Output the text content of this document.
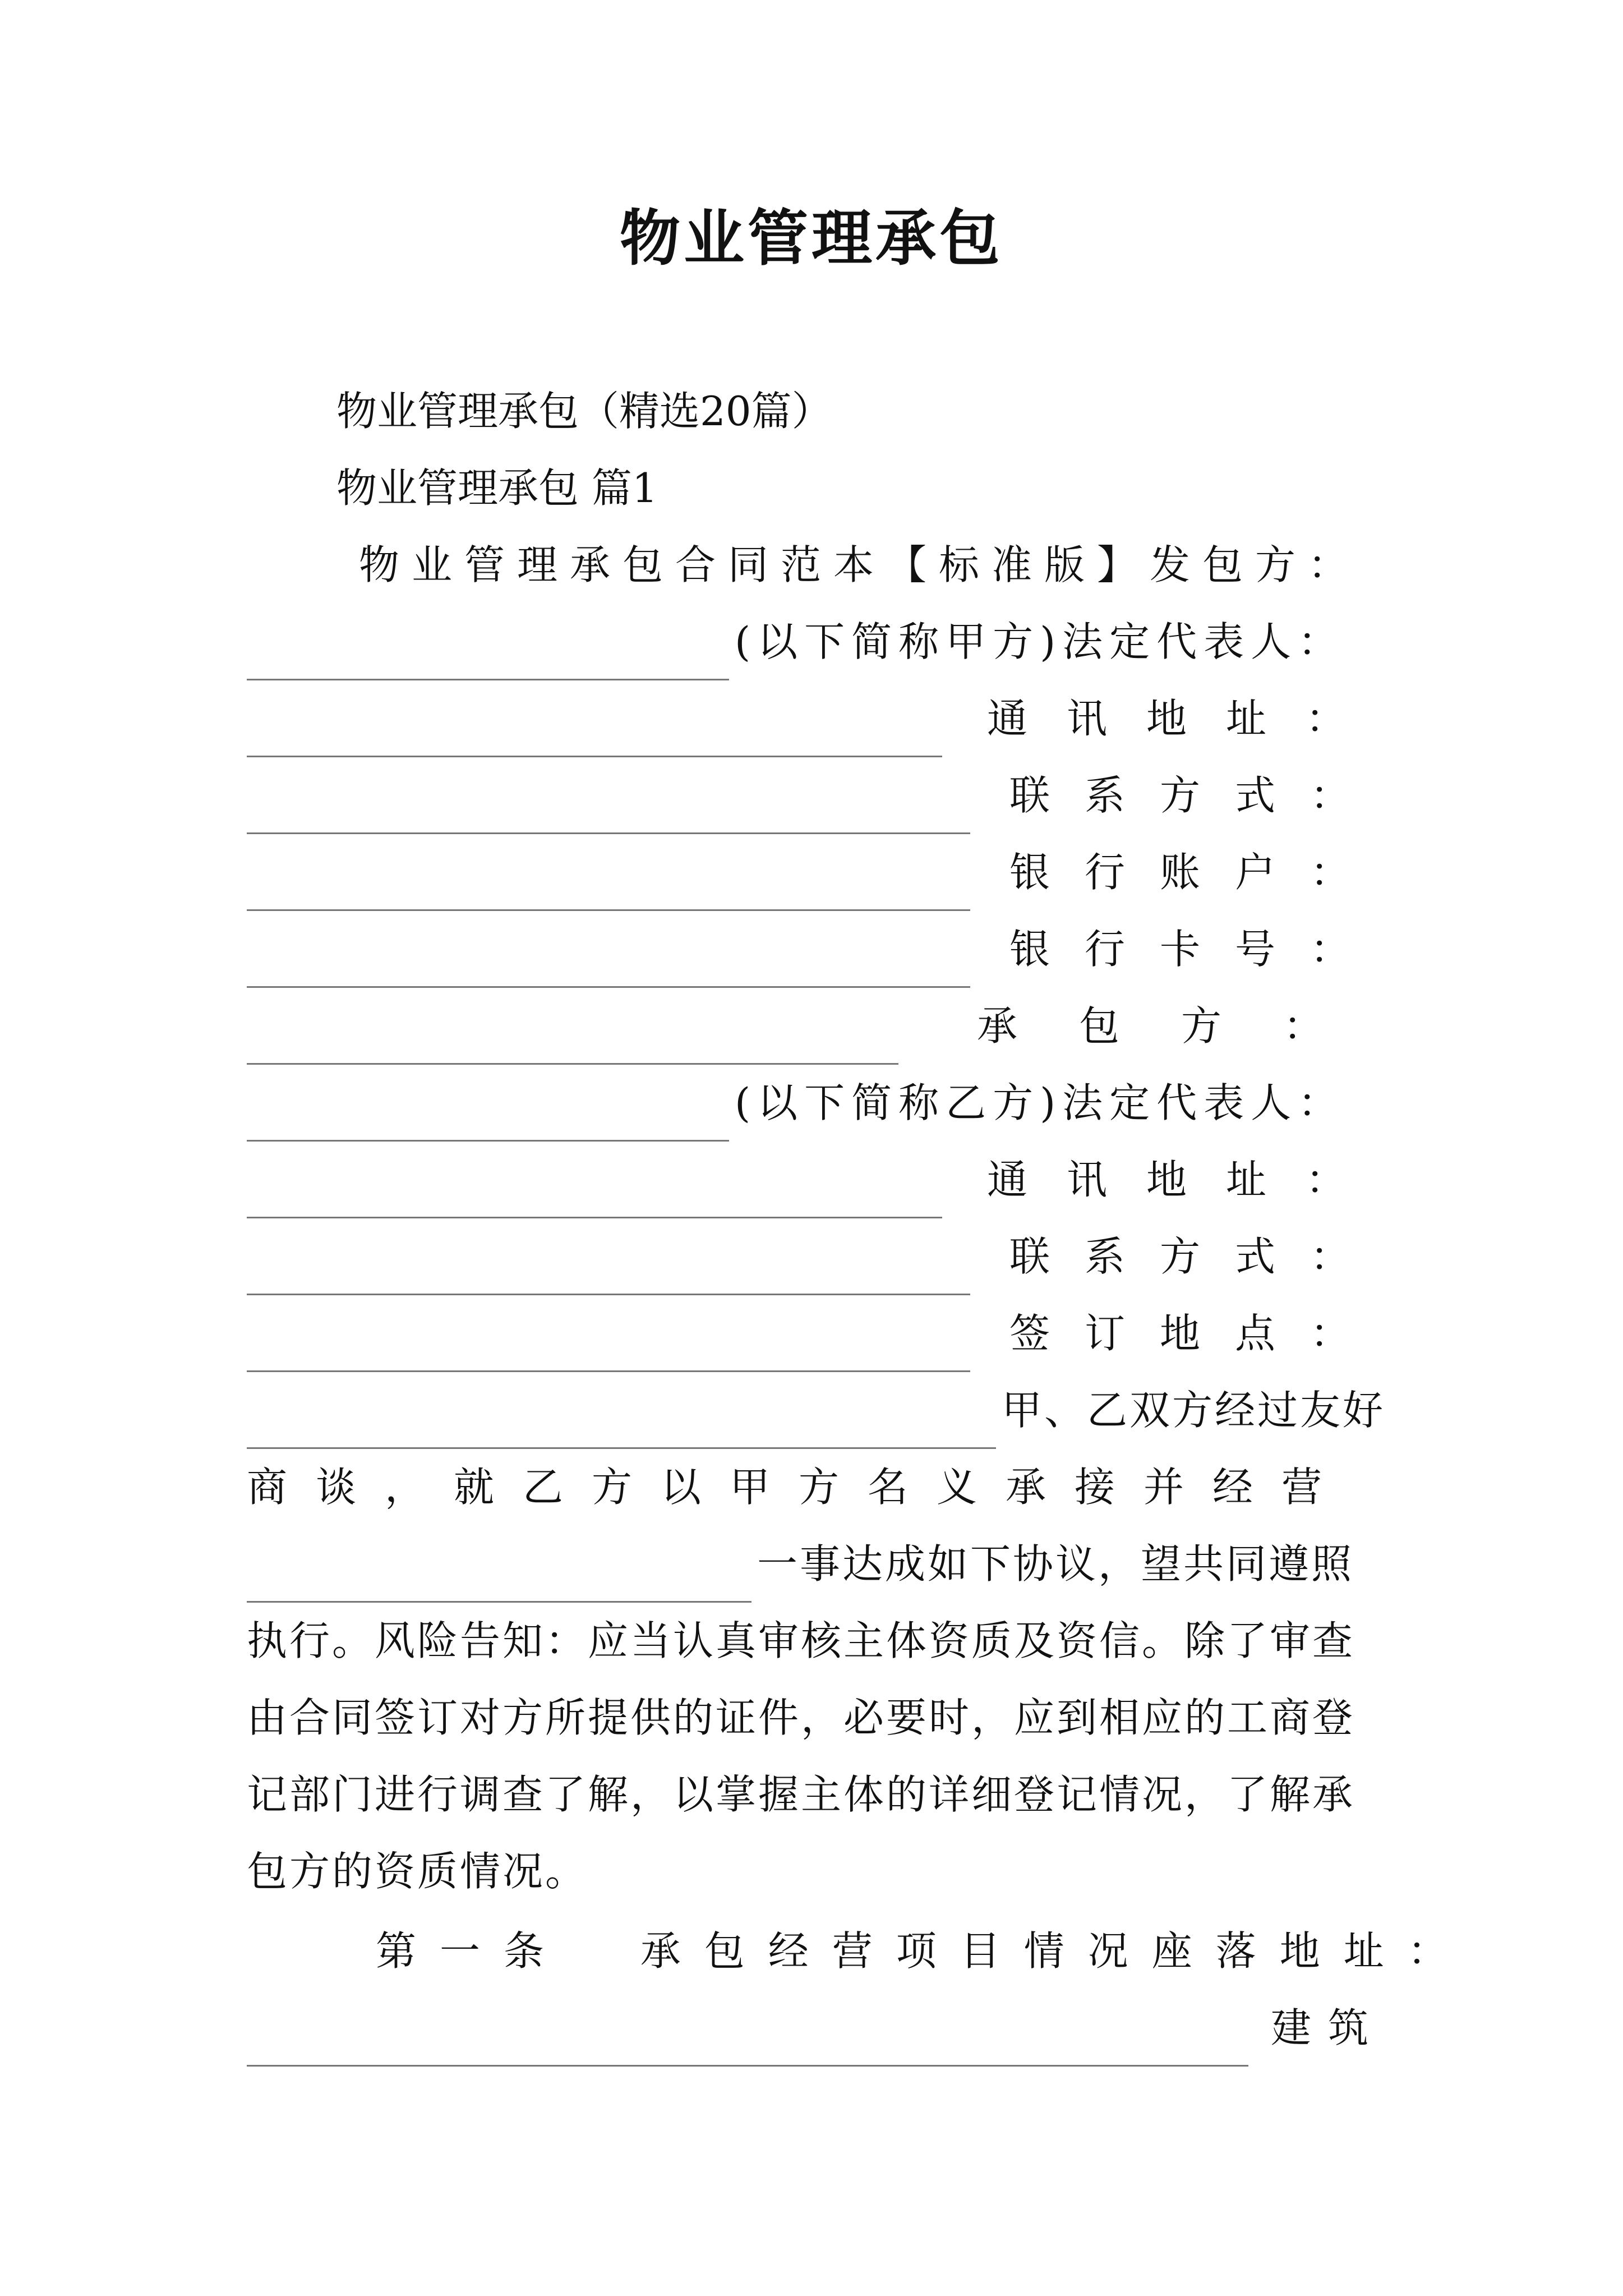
物业管理承包
物业管理承包（精选20篇）
物业管理承包 篇1
物业管理承包合同范本【标准版】发包方：
(以下简称甲方)法定代表人：
通讯地址：
联系方式：
银行账户：
银行卡号：
承包方：
(以下简称乙方)法定代表人：
通讯地址：
联系方式：
签订地点：
甲、乙双方经过友好
商谈，就乙方以甲方名义承接并经营
一事达成如下协议，望共同遵照
执行。风险告知：应当认真审核主体资质及资信。除了审查
由合同签订对方所提供的证件，必要时，应到相应的工商登
记部门进行调查了解，以掌握主体的详细登记情况，了解承
包方的资质情况。
第一条  承包经营项目情况座落地址：
建筑
